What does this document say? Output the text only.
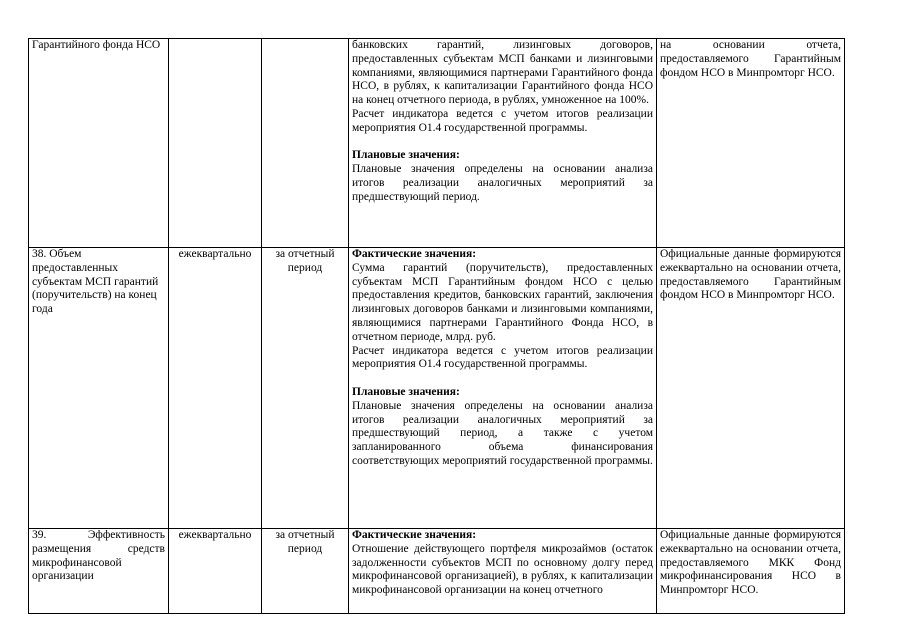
Гарантийного фонда НСО			банковских гарантий, лизинговых договоров, предоставленных субъектам МСП банками и лизинговыми компаниями, являющимися партнерами Гарантийного фонда НСО, в рублях, к капитализации Гарантийного фонда НСО на конец отчетного периода, в рублях, умноженное на 100%.
Расчет индикатора ведется с учетом итогов реализации мероприятия О1.4 государственной программы.
Плановые значения:
Плановые значения определены на основании анализа итогов реализации аналогичных мероприятий за предшествующий период.	на основании отчета, предоставляемого Гарантийным фондом НСО в Минпромторг НСО.
38. Объем предоставленных субъектам МСП гарантий (поручительств) на конец года	ежеквартально	за отчетный период	Фактические значения:
Сумма гарантий (поручительств), предоставленных субъектам МСП Гарантийным фондом НСО с целью предоставления кредитов, банковских гарантий, заключения лизинговых договоров банками и лизинговыми компаниями, являющимися партнерами Гарантийного Фонда НСО, в отчетном периоде, млрд. руб.
Расчет индикатора ведется с учетом итогов реализации мероприятия О1.4 государственной программы.
Плановые значения:
Плановые значения определены на основании анализа итогов реализации аналогичных мероприятий за предшествующий период, а также с учетом запланированного объема финансирования соответствующих мероприятий государственной программы.	Официальные данные формируются ежеквартально на основании отчета, предоставляемого Гарантийным фондом НСО в Минпромторг НСО.
39. Эффективность размещения средств микрофинансовой организации	ежеквартально	за отчетный период	Фактические значения:
Отношение действующего портфеля микрозаймов (остаток задолженности субъектов МСП по основному долгу перед микрофинансовой организацией), в рублях, к капитализации микрофинансовой организации на конец отчетного	Официальные данные формируются ежеквартально на основании отчета, предоставляемого МКК Фонд микрофинансирования НСО в Минпромторг НСО.
